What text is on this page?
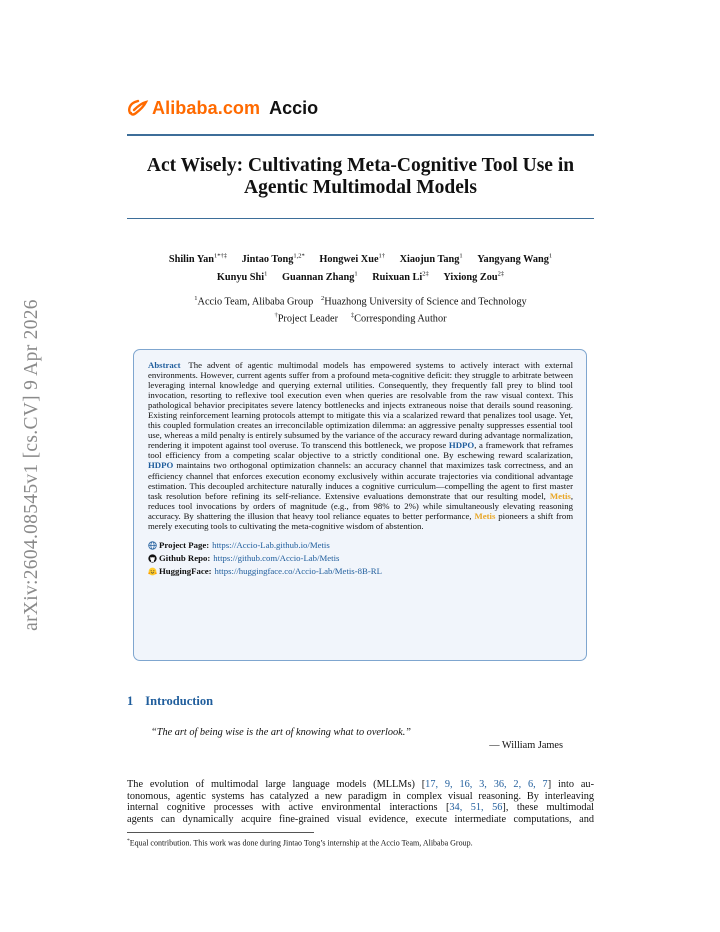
arXiv:2604.08545v1 [cs.CV] 9 Apr 2026
Alibaba.com Accio
Act Wisely: Cultivating Meta-Cognitive Tool Use in
Agentic Multimodal Models
Shilin Yan$^{1*\dagger\ddagger}$ Jintao Tong$^{1,2*}$ Hongwei Xue$^{1\dagger}$ Xiaojun Tang$^1$ Yangyang Wang$^1$
Kunyu Shi$^1$ Guannan Zhang$^1$ Ruixuan $Li^{2\ddagger}$ Yixiong Zou$^{2\ddagger}$
$^1$Accio Team, Alibaba Group $^2$Huazhong University of Science and Technology
†Project Leader ‡Corresponding Author
Abstract The advent of agentic multimodal models has empowered systems to actively interact with external environments. However, current agents suffer from a profound meta-cognitive deficit: they struggle to arbitrate between leveraging internal knowledge and querying external utilities. Consequently, they frequently fall prey to blind tool invocation, resorting to reflexive tool execution even when queries are resolvable from the raw visual context. This pathological behavior precipitates severe latency bottlenecks and injects extraneous noise that derails sound reasoning. Existing reinforcement learning protocols attempt to mitigate this via a scalarized reward that penalizes tool usage. Yet, this coupled formulation creates an irreconcilable optimization dilemma: an aggressive penalty suppresses essential tool use, whereas a mild penalty is entirely subsumed by the variance of the accuracy reward during advantage normalization, rendering it impotent against tool overuse. To transcend this bottleneck, we propose HDPO, a framework that reframes tool efficiency from a competing scalar objective to a strictly conditional one. By eschewing reward scalarization, HDPO maintains two orthogonal optimization channels: an accuracy channel that maximizes task correctness, and an efficiency channel that enforces execution economy exclusively within accurate trajectories via conditional advantage estimation. This decoupled architecture naturally induces a cognitive curriculum—compelling the agent to first master task resolution before refining its self-reliance. Extensive evaluations demonstrate that our resulting model, Metis, reduces tool invocations by orders of magnitude (e.g., from 98% to 2%) while simultaneously elevating reasoning accuracy. By shattering the illusion that heavy tool reliance equates to better performance, Metis pioneers a shift from merely executing tools to cultivating the meta-cognitive wisdom of abstention.
Project Page: https://Accio-Lab.github.io/Metis
Github Repo: https://github.com/Accio-Lab/Metis
HuggingFace: https://huggingface.co/Accio-Lab/Metis-8B-RL
1 Introduction
“The art of being wise is the art of knowing what to overlook.”
— William James
The evolution of multimodal large language models (MLLMs) [17, 9, 16, 3, 36, 2, 6, 7] into au-
tonomous, agentic systems has catalyzed a new paradigm in complex visual reasoning. By interleaving
internal cognitive processes with active environmental interactions [34, 51, 56], these multimodal
agents can dynamically acquire fine-grained visual evidence, execute intermediate computations, and
*Equal contribution. This work was done during Jintao Tong’s internship at the Accio Team, Alibaba Group.
